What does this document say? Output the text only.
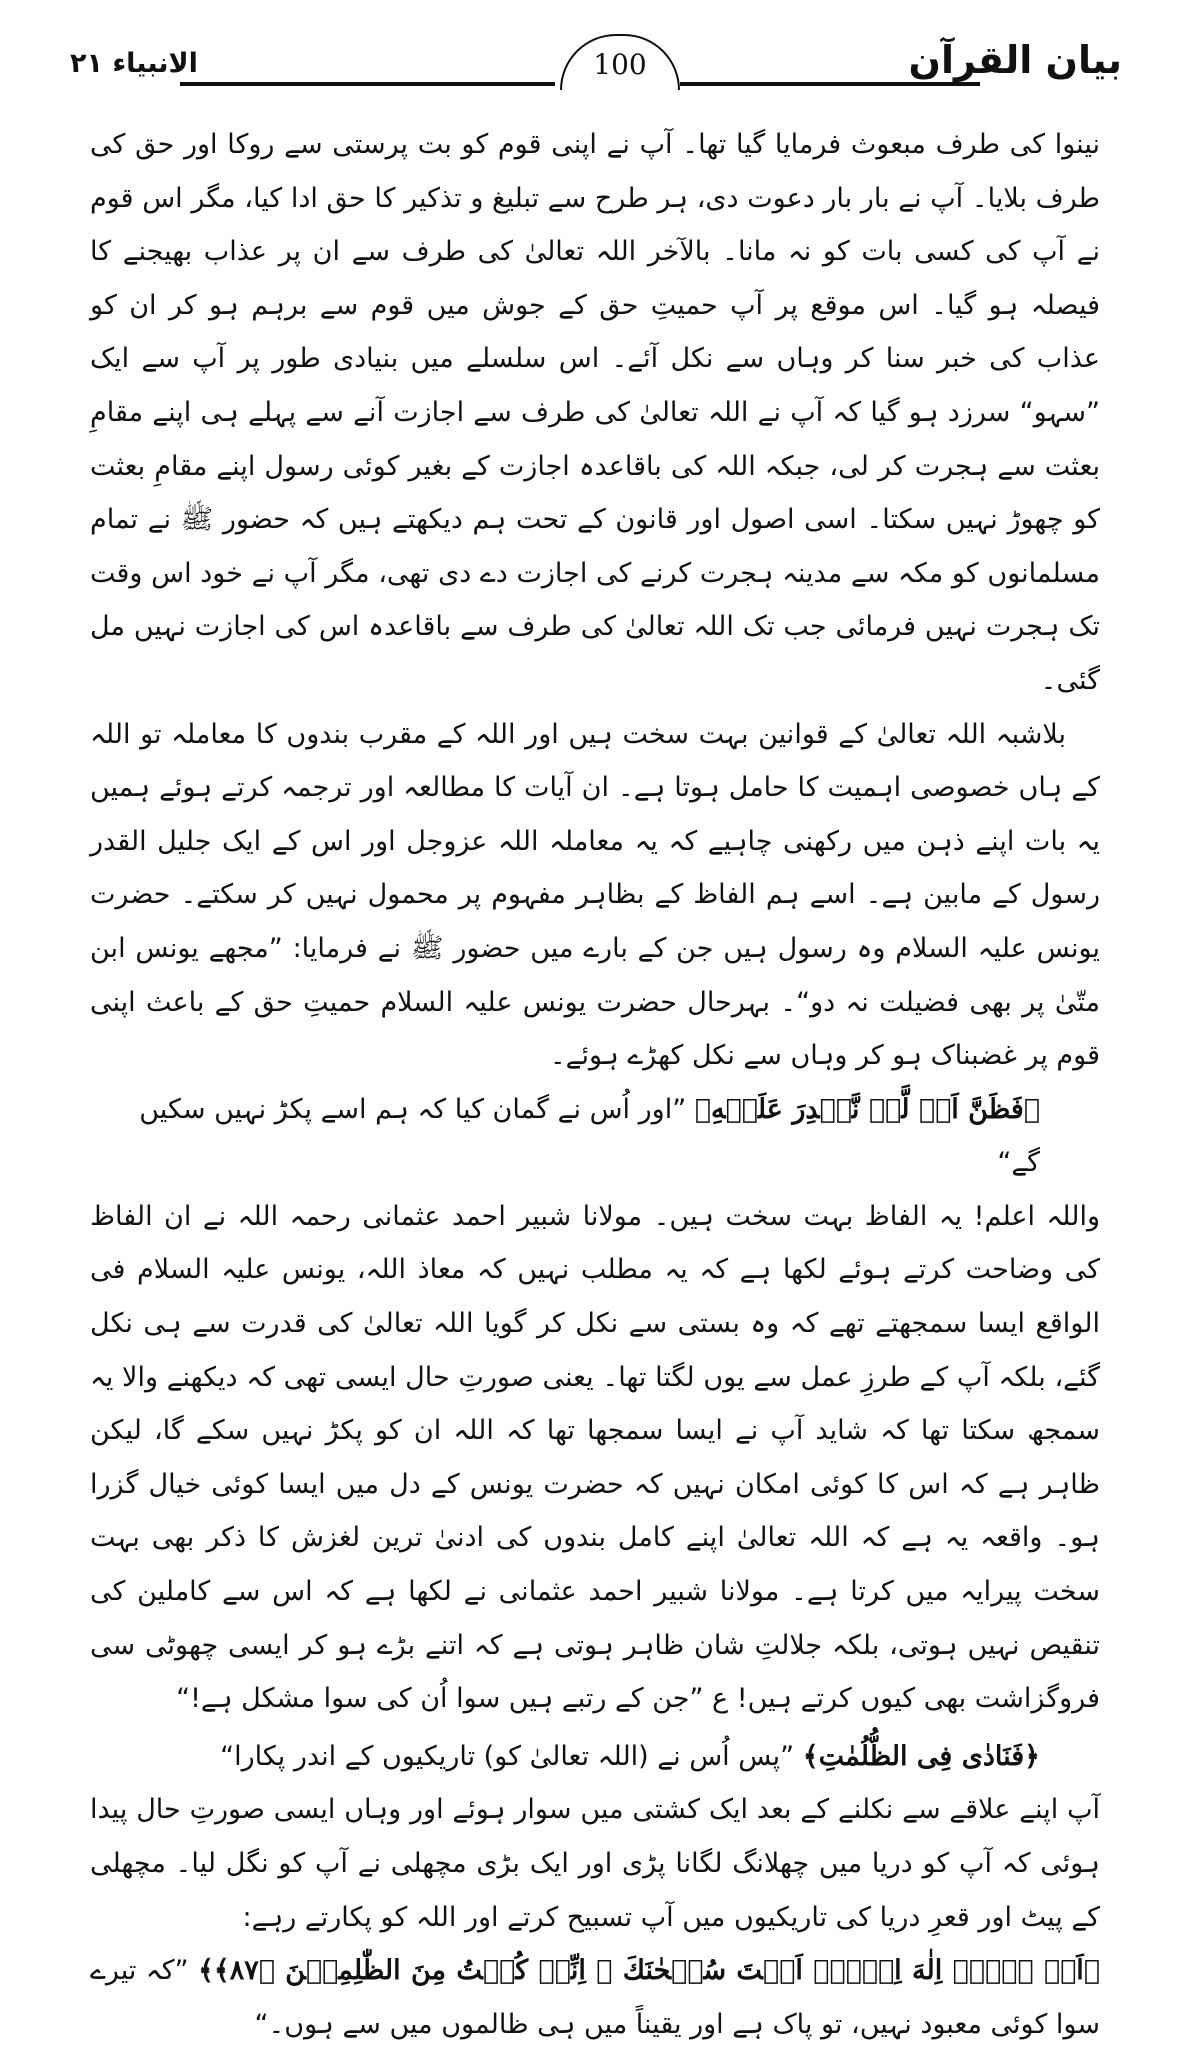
الانبیاء ۲۱	100	بیان القرآن

نینوا کی طرف مبعوث فرمایا گیا تھا۔ آپ نے اپنی قوم کو بت پرستی سے روکا اور حق کی طرف بلایا۔ آپ نے بار بار دعوت دی، ہر طرح سے تبلیغ و تذکیر کا حق ادا کیا، مگر اس قوم نے آپ کی کسی بات کو نہ مانا۔ بالآخر اللہ تعالیٰ کی طرف سے ان پر عذاب بھیجنے کا فیصلہ ہو گیا۔ اس موقع پر آپ حمیتِ حق کے جوش میں قوم سے برہم ہو کر ان کو عذاب کی خبر سنا کر وہاں سے نکل آئے۔ اس سلسلے میں بنیادی طور پر آپ سے ایک ”سہو“ سرزد ہو گیا کہ آپ نے اللہ تعالیٰ کی طرف سے اجازت آنے سے پہلے ہی اپنے مقامِ بعثت سے ہجرت کر لی، جبکہ اللہ کی باقاعدہ اجازت کے بغیر کوئی رسول اپنے مقامِ بعثت کو چھوڑ نہیں سکتا۔ اسی اصول اور قانون کے تحت ہم دیکھتے ہیں کہ حضور ﷺ نے تمام مسلمانوں کو مکہ سے مدینہ ہجرت کرنے کی اجازت دے دی تھی، مگر آپ نے خود اس وقت تک ہجرت نہیں فرمائی جب تک اللہ تعالیٰ کی طرف سے باقاعدہ اس کی اجازت نہیں مل گئی۔

بلاشبہ اللہ تعالیٰ کے قوانین بہت سخت ہیں اور اللہ کے مقرب بندوں کا معاملہ تو اللہ کے ہاں خصوصی اہمیت کا حامل ہوتا ہے۔ ان آیات کا مطالعہ اور ترجمہ کرتے ہوئے ہمیں یہ بات اپنے ذہن میں رکھنی چاہیے کہ یہ معاملہ اللہ عزوجل اور اس کے ایک جلیل القدر رسول کے مابین ہے۔ اسے ہم الفاظ کے بظاہر مفہوم پر محمول نہیں کر سکتے۔ حضرت یونس علیہ السلام وہ رسول ہیں جن کے بارے میں حضور ﷺ نے فرمایا: ”مجھے یونس ابن متّیٰ پر بھی فضیلت نہ دو“۔ بہرحال حضرت یونس علیہ السلام حمیتِ حق کے باعث اپنی قوم پر غضبناک ہو کر وہاں سے نکل کھڑے ہوئے۔

﴿فَظَنَّ اَنۡ لَّنۡ نَّقۡدِرَ عَلَیۡهِ﴾ ”اور اُس نے گمان کیا کہ ہم اسے پکڑ نہیں سکیں گے“

واللہ اعلم! یہ الفاظ بہت سخت ہیں۔ مولانا شبیر احمد عثمانی رحمہ اللہ نے ان الفاظ کی وضاحت کرتے ہوئے لکھا ہے کہ یہ مطلب نہیں کہ معاذ اللہ، یونس علیہ السلام فی الواقع ایسا سمجھتے تھے کہ وہ بستی سے نکل کر گویا اللہ تعالیٰ کی قدرت سے ہی نکل گئے، بلکہ آپ کے طرزِ عمل سے یوں لگتا تھا۔ یعنی صورتِ حال ایسی تھی کہ دیکھنے والا یہ سمجھ سکتا تھا کہ شاید آپ نے ایسا سمجھا تھا کہ اللہ ان کو پکڑ نہیں سکے گا، لیکن ظاہر ہے کہ اس کا کوئی امکان نہیں کہ حضرت یونس کے دل میں ایسا کوئی خیال گزرا ہو۔ واقعہ یہ ہے کہ اللہ تعالیٰ اپنے کامل بندوں کی ادنیٰ ترین لغزش کا ذکر بھی بہت سخت پیرایہ میں کرتا ہے۔ مولانا شبیر احمد عثمانی نے لکھا ہے کہ اس سے کاملین کی تنقیص نہیں ہوتی، بلکہ جلالتِ شان ظاہر ہوتی ہے کہ اتنے بڑے ہو کر ایسی چھوٹی سی فروگزاشت بھی کیوں کرتے ہیں! ع ”جن کے رتبے ہیں سوا اُن کی سوا مشکل ہے!“

﴿فَنَادٰی فِی الظُّلُمٰتِ﴾ ”پس اُس نے (اللہ تعالیٰ کو) تاریکیوں کے اندر پکارا“

آپ اپنے علاقے سے نکلنے کے بعد ایک کشتی میں سوار ہوئے اور وہاں ایسی صورتِ حال پیدا ہوئی کہ آپ کو دریا میں چھلانگ لگانا پڑی اور ایک بڑی مچھلی نے آپ کو نگل لیا۔ مچھلی کے پیٹ اور قعرِ دریا کی تاریکیوں میں آپ تسبیح کرتے اور اللہ کو پکارتے رہے:

﴿اَنۡ لَّاۤ اِلٰهَ اِلَّاۤ اَنۡتَ سُبۡحٰنَكَ ۖ اِنِّیۡ كُنۡتُ مِنَ الظّٰلِمِیۡنَ ﴿۸۷﴾﴾ ”کہ تیرے سوا کوئی معبود نہیں، تو پاک ہے اور یقیناً میں ہی ظالموں میں سے ہوں۔“
